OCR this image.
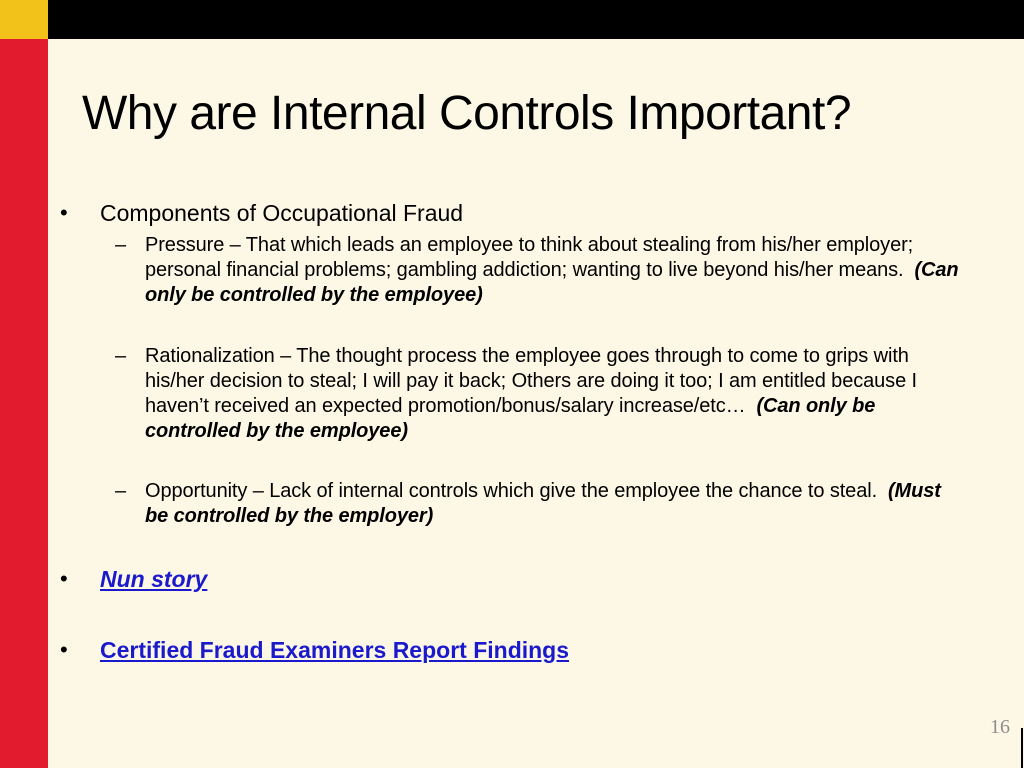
Why are Internal Controls Important?
• Components of Occupational Fraud
– Pressure – That which leads an employee to think about stealing from his/her employer; personal financial problems; gambling addiction; wanting to live beyond his/her means. (Can only be controlled by the employee)
– Rationalization – The thought process the employee goes through to come to grips with his/her decision to steal; I will pay it back; Others are doing it too; I am entitled because I haven’t received an expected promotion/bonus/salary increase/etc… (Can only be controlled by the employee)
– Opportunity – Lack of internal controls which give the employee the chance to steal. (Must be controlled by the employer)
• Nun story
• Certified Fraud Examiners Report Findings
16
